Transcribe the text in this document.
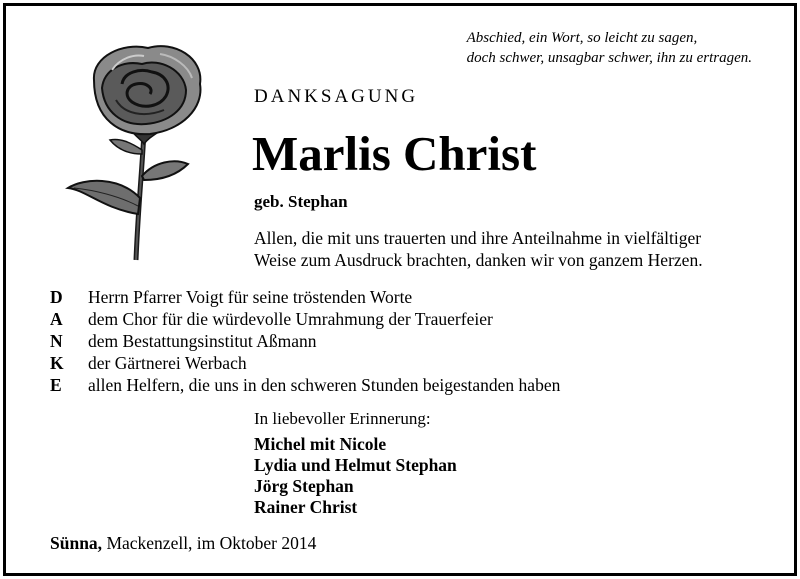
Abschied, ein Wort, so leicht zu sagen,
doch schwer, unsagbar schwer, ihn zu ertragen.
DANKSAGUNG
Marlis Christ
geb. Stephan
Allen, die mit uns trauerten und ihre Anteilnahme in vielfältiger
Weise zum Ausdruck brachten, danken wir von ganzem Herzen.
D	Herrn Pfarrer Voigt für seine tröstenden Worte
A	dem Chor für die würdevolle Umrahmung der Trauerfeier
N	dem Bestattungsinstitut Aßmann
K	der Gärtnerei Werbach
E	allen Helfern, die uns in den schweren Stunden beigestanden haben
In liebevoller Erinnerung:
Michel mit Nicole
Lydia und Helmut Stephan
Jörg Stephan
Rainer Christ
Sünna, Mackenzell, im Oktober 2014
